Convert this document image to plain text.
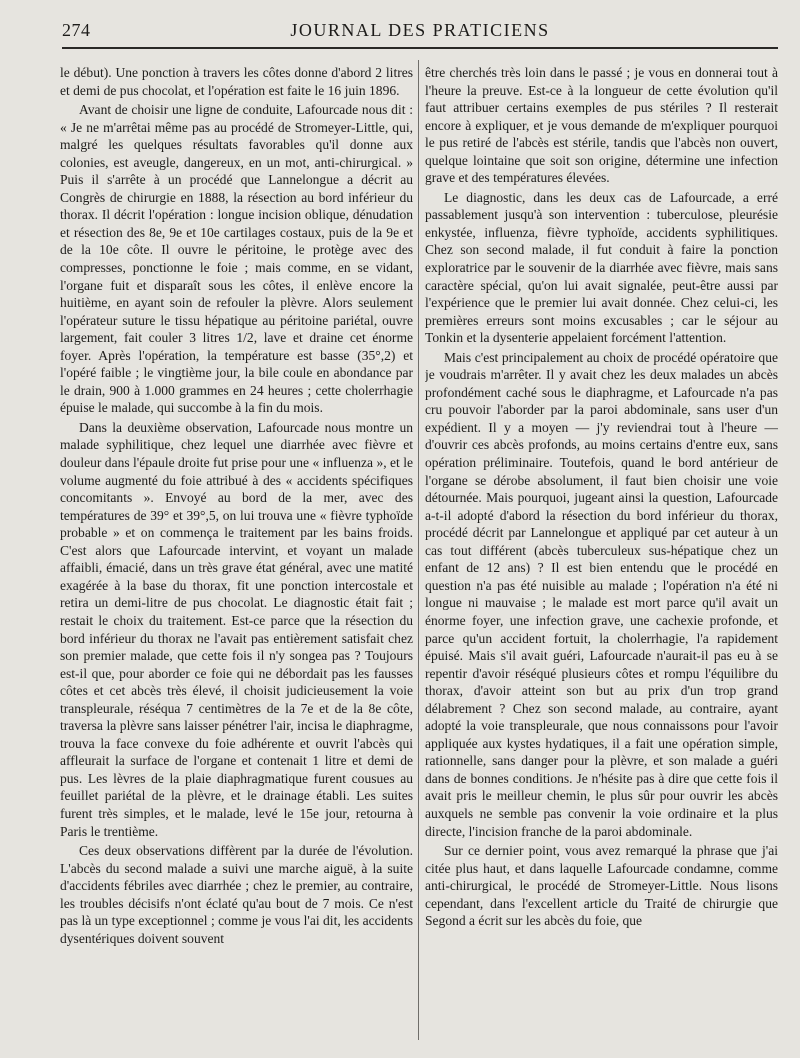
274	JOURNAL DES PRATICIENS

le début). Une ponction à travers les côtes donne d'abord 2 litres et demi de pus chocolat, et l'opération est faite le 16 juin 1896.

Avant de choisir une ligne de conduite, Lafourcade nous dit : « Je ne m'arrêtai même pas au procédé de Stromeyer-Little, qui, malgré les quelques résultats favorables qu'il donne aux colonies, est aveugle, dangereux, en un mot, anti-chirurgical. » Puis il s'arrête à un procédé que Lannelongue a décrit au Congrès de chirurgie en 1888, la résection au bord inférieur du thorax. Il décrit l'opération : longue incision oblique, dénudation et résection des 8e, 9e et 10e cartilages costaux, puis de la 9e et de la 10e côte. Il ouvre le péritoine, le protège avec des compresses, ponctionne le foie ; mais comme, en se vidant, l'organe fuit et disparaît sous les côtes, il enlève encore la huitième, en ayant soin de refouler la plèvre. Alors seulement l'opérateur suture le tissu hépatique au péritoine pariétal, ouvre largement, fait couler 3 litres 1/2, lave et draine cet énorme foyer. Après l'opération, la température est basse (35°,2) et l'opéré faible ; le vingtième jour, la bile coule en abondance par le drain, 900 à 1.000 grammes en 24 heures ; cette cholerrhagie épuise le malade, qui succombe à la fin du mois.

Dans la deuxième observation, Lafourcade nous montre un malade syphilitique, chez lequel une diarrhée avec fièvre et douleur dans l'épaule droite fut prise pour une « influenza », et le volume augmenté du foie attribué à des « accidents spécifiques concomitants ». Envoyé au bord de la mer, avec des températures de 39° et 39°,5, on lui trouva une « fièvre typhoïde probable » et on commença le traitement par les bains froids. C'est alors que Lafourcade intervint, et voyant un malade affaibli, émacié, dans un très grave état général, avec une matité exagérée à la base du thorax, fit une ponction intercostale et retira un demi-litre de pus chocolat. Le diagnostic était fait ; restait le choix du traitement. Est-ce parce que la résection du bord inférieur du thorax ne l'avait pas entièrement satisfait chez son premier malade, que cette fois il n'y songea pas ? Toujours est-il que, pour aborder ce foie qui ne débordait pas les fausses côtes et cet abcès très élevé, il choisit judicieusement la voie transpleurale, réséqua 7 centimètres de la 7e et de la 8e côte, traversa la plèvre sans laisser pénétrer l'air, incisa le diaphragme, trouva la face convexe du foie adhérente et ouvrit l'abcès qui affleurait la surface de l'organe et contenait 1 litre et demi de pus. Les lèvres de la plaie diaphragmatique furent cousues au feuillet pariétal de la plèvre, et le drainage établi. Les suites furent très simples, et le malade, levé le 15e jour, retourna à Paris le trentième.

Ces deux observations diffèrent par la durée de l'évolution. L'abcès du second malade a suivi une marche aiguë, à la suite d'accidents fébriles avec diarrhée ; chez le premier, au contraire, les troubles décisifs n'ont éclaté qu'au bout de 7 mois. Ce n'est pas là un type exceptionnel ; comme je vous l'ai dit, les accidents dysentériques doivent souvent

être cherchés très loin dans le passé ; je vous en donnerai tout à l'heure la preuve. Est-ce à la longueur de cette évolution qu'il faut attribuer certains exemples de pus stériles ? Il resterait encore à expliquer, et je vous demande de m'expliquer pourquoi le pus retiré de l'abcès est stérile, tandis que l'abcès non ouvert, quelque lointaine que soit son origine, détermine une infection grave et des températures élevées.

Le diagnostic, dans les deux cas de Lafourcade, a erré passablement jusqu'à son intervention : tuberculose, pleurésie enkystée, influenza, fièvre typhoïde, accidents syphilitiques. Chez son second malade, il fut conduit à faire la ponction exploratrice par le souvenir de la diarrhée avec fièvre, mais sans caractère spécial, qu'on lui avait signalée, peut-être aussi par l'expérience que le premier lui avait donnée. Chez celui-ci, les premières erreurs sont moins excusables ; car le séjour au Tonkin et la dysenterie appelaient forcément l'attention.

Mais c'est principalement au choix de procédé opératoire que je voudrais m'arrêter. Il y avait chez les deux malades un abcès profondément caché sous le diaphragme, et Lafourcade n'a pas cru pouvoir l'aborder par la paroi abdominale, sans user d'un expédient. Il y a moyen — j'y reviendrai tout à l'heure — d'ouvrir ces abcès profonds, au moins certains d'entre eux, sans opération préliminaire. Toutefois, quand le bord antérieur de l'organe se dérobe absolument, il faut bien choisir une voie détournée. Mais pourquoi, jugeant ainsi la question, Lafourcade a-t-il adopté d'abord la résection du bord inférieur du thorax, procédé décrit par Lannelongue et appliqué par cet auteur à un cas tout différent (abcès tuberculeux sus-hépatique chez un enfant de 12 ans) ? Il est bien entendu que le procédé en question n'a pas été nuisible au malade ; l'opération n'a été ni longue ni mauvaise ; le malade est mort parce qu'il avait un énorme foyer, une infection grave, une cachexie profonde, et parce qu'un accident fortuit, la cholerrhagie, l'a rapidement épuisé. Mais s'il avait guéri, Lafourcade n'aurait-il pas eu à se repentir d'avoir réséqué plusieurs côtes et rompu l'équilibre du thorax, d'avoir atteint son but au prix d'un trop grand délabrement ? Chez son second malade, au contraire, ayant adopté la voie transpleurale, que nous connaissons pour l'avoir appliquée aux kystes hydatiques, il a fait une opération simple, rationnelle, sans danger pour la plèvre, et son malade a guéri dans de bonnes conditions. Je n'hésite pas à dire que cette fois il avait pris le meilleur chemin, le plus sûr pour ouvrir les abcès auxquels ne semble pas convenir la voie ordinaire et la plus directe, l'incision franche de la paroi abdominale.

Sur ce dernier point, vous avez remarqué la phrase que j'ai citée plus haut, et dans laquelle Lafourcade condamne, comme anti-chirurgical, le procédé de Stromeyer-Little. Nous lisons cependant, dans l'excellent article du Traité de chirurgie que Segond a écrit sur les abcès du foie, que
